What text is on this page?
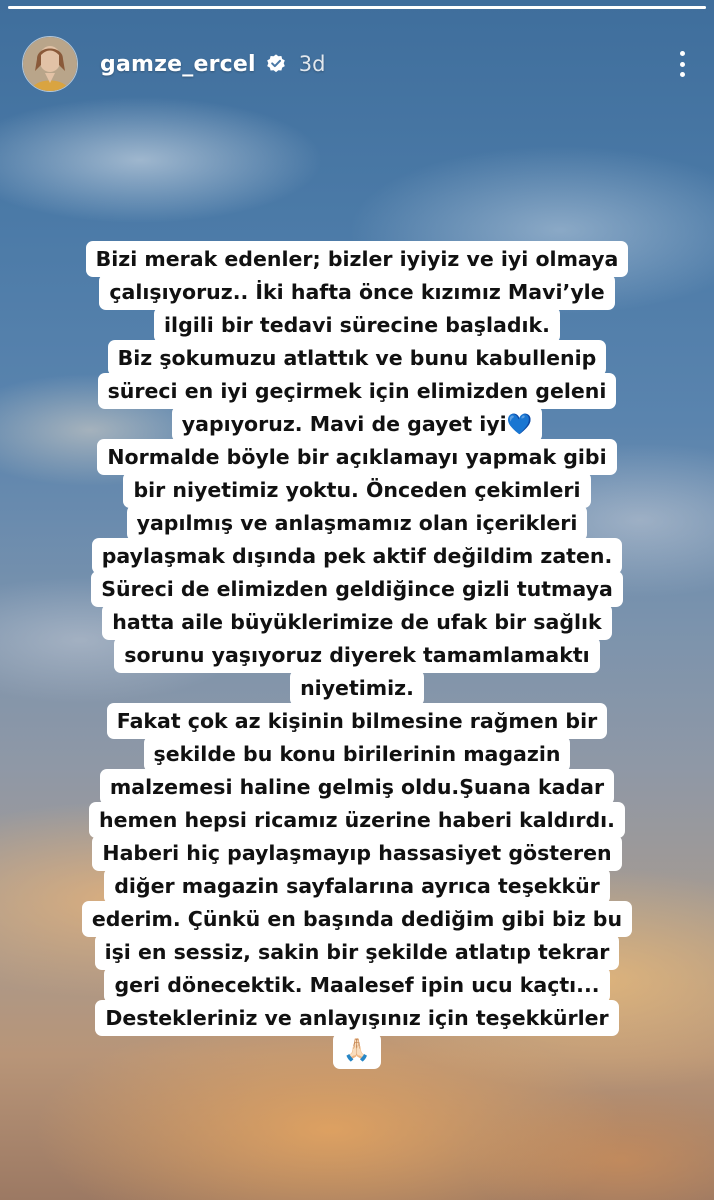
gamze_ercel 3d
Bizi merak edenler; bizler iyiyiz ve iyi olmaya
çalışıyoruz.. İki hafta önce kızımız Mavi’yle
ilgili bir tedavi sürecine başladık.
Biz şokumuzu atlattık ve bunu kabullenip
süreci en iyi geçirmek için elimizden geleni
yapıyoruz. Mavi de gayet iyi💙
Normalde böyle bir açıklamayı yapmak gibi
bir niyetimiz yoktu. Önceden çekimleri
yapılmış ve anlaşmamız olan içerikleri
paylaşmak dışında pek aktif değildim zaten.
Süreci de elimizden geldiğince gizli tutmaya
hatta aile büyüklerimize de ufak bir sağlık
sorunu yaşıyoruz diyerek tamamlamaktı
niyetimiz.
Fakat çok az kişinin bilmesine rağmen bir
şekilde bu konu birilerinin magazin
malzemesi haline gelmiş oldu.Şuana kadar
hemen hepsi ricamız üzerine haberi kaldırdı.
Haberi hiç paylaşmayıp hassasiyet gösteren
diğer magazin sayfalarına ayrıca teşekkür
ederim. Çünkü en başında dediğim gibi biz bu
işi en sessiz, sakin bir şekilde atlatıp tekrar
geri dönecektik. Maalesef ipin ucu kaçtı...
Destekleriniz ve anlayışınız için teşekkürler
🙏🏻
